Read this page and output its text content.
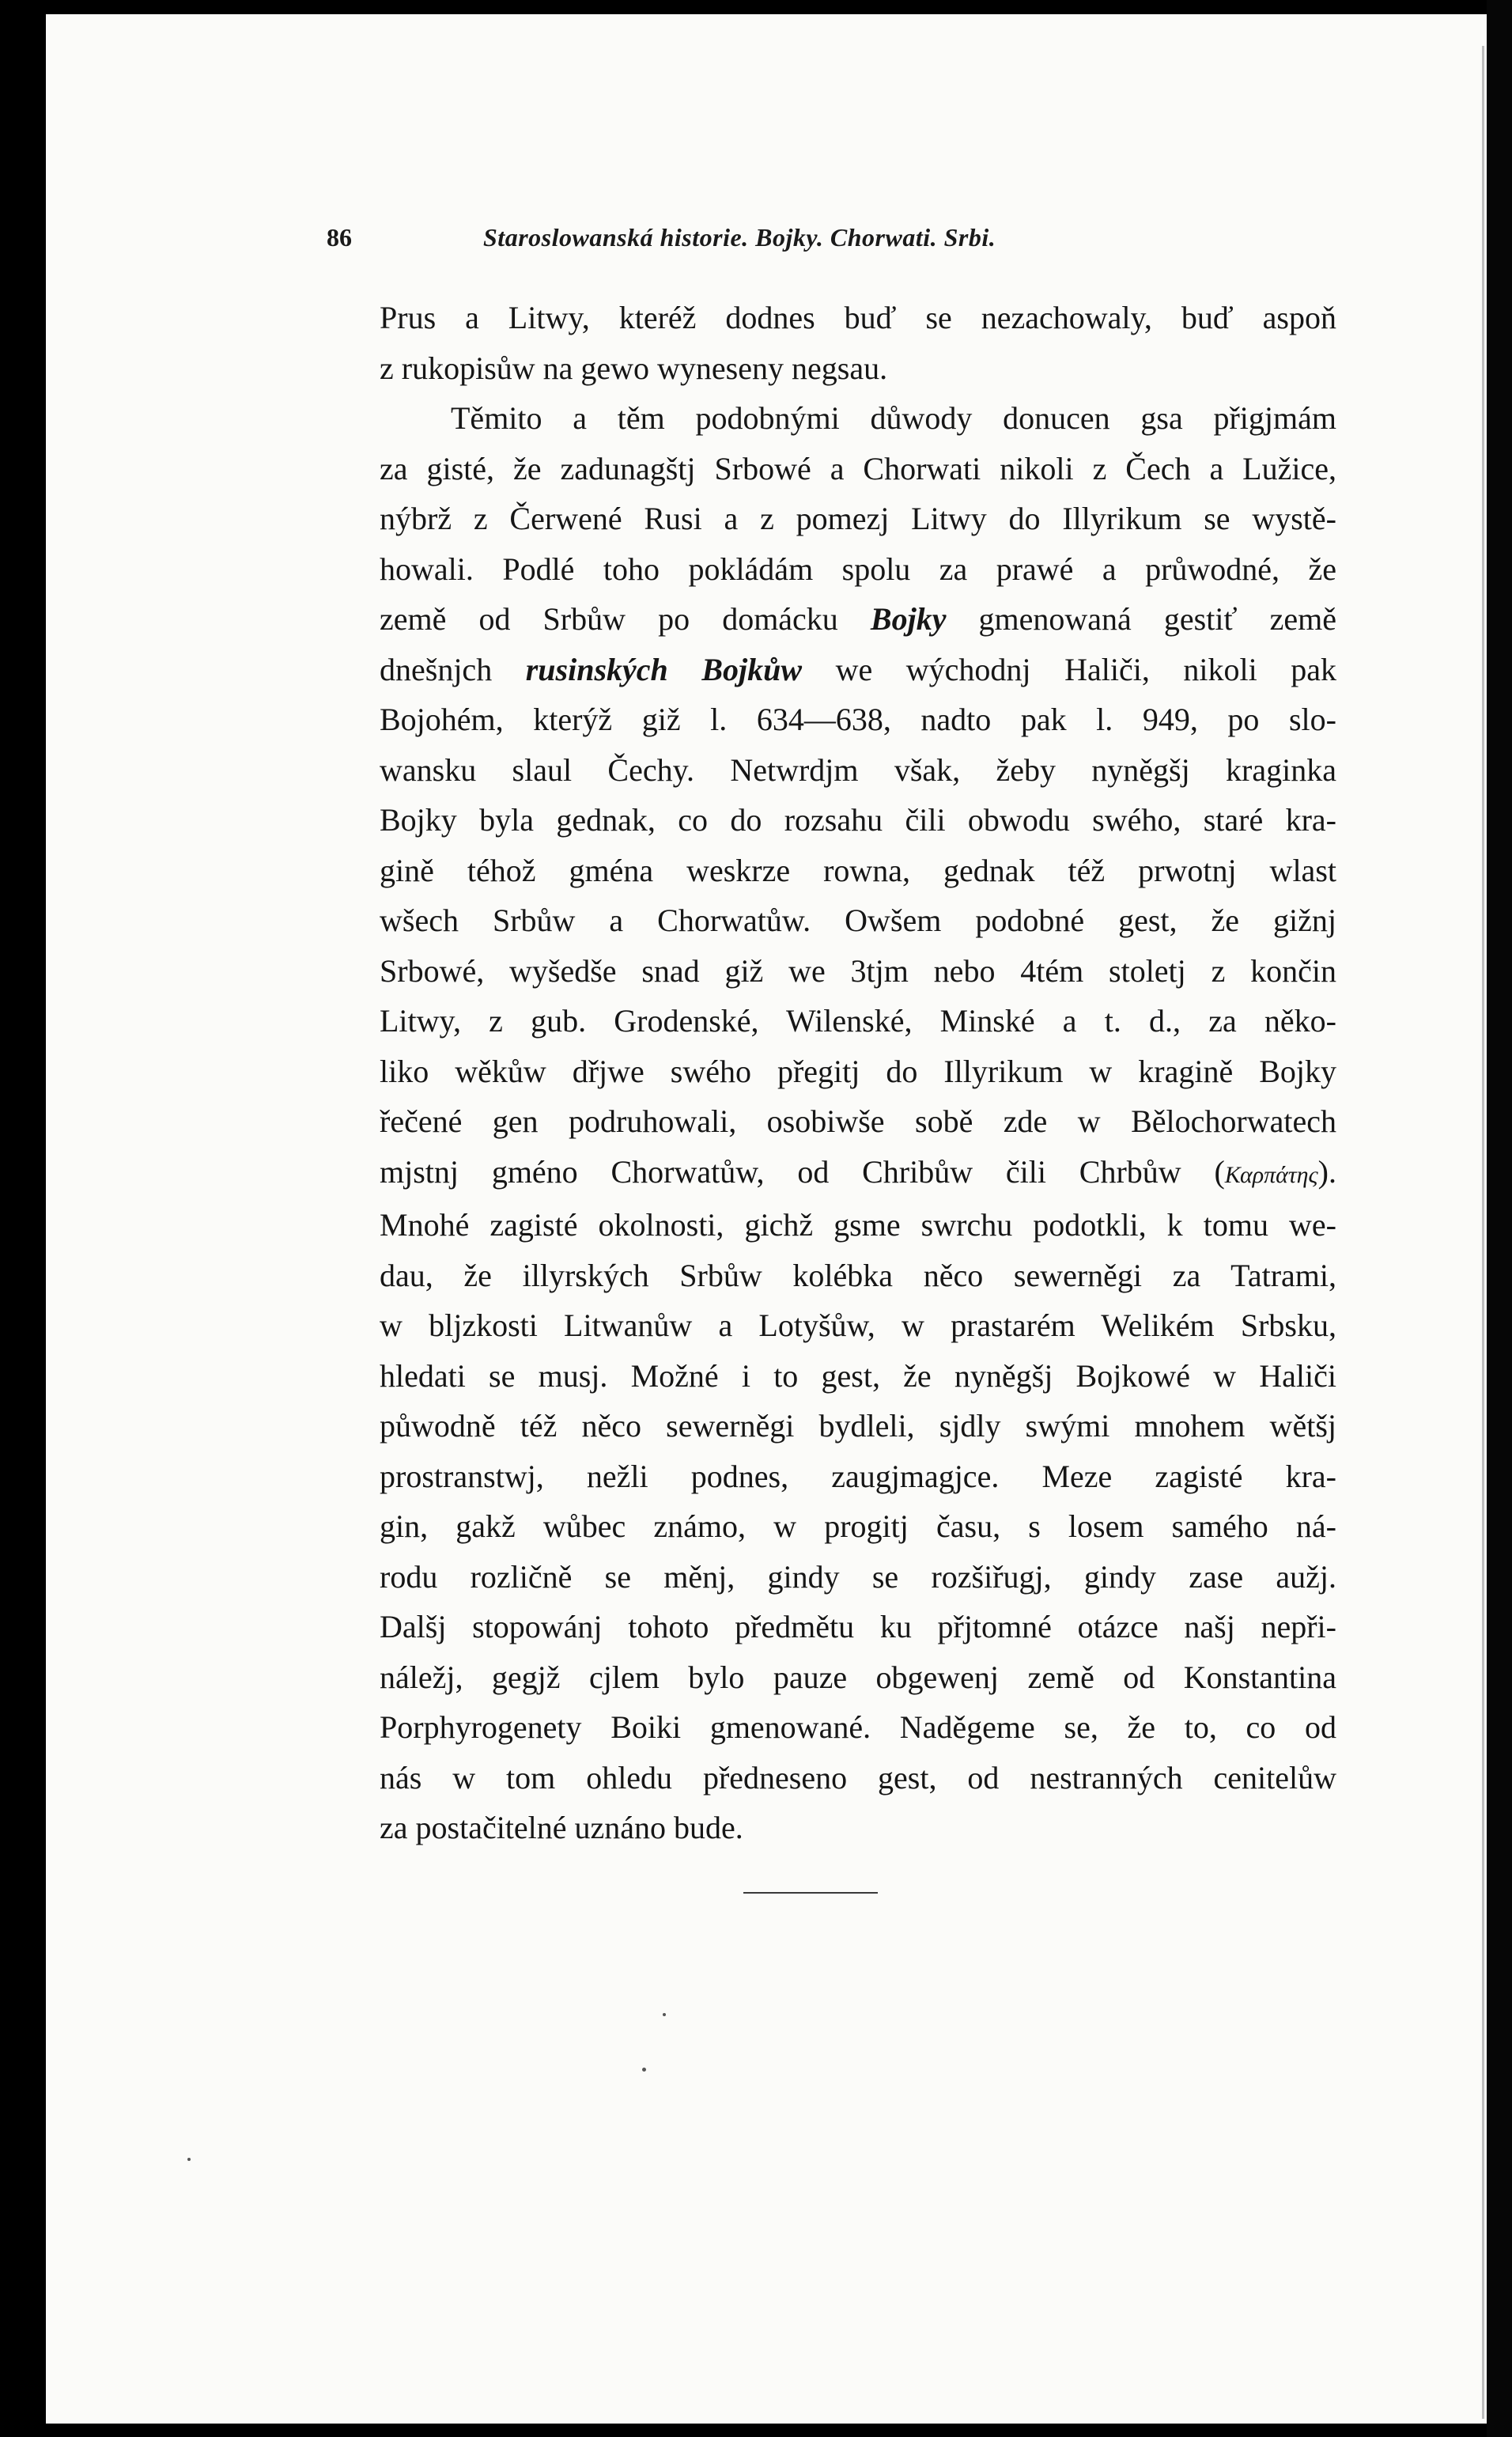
86	Staroslowanská historie. Bojky. Chorwati. Srbi.
Prus a Litwy, kteréž dodnes buď se nezachowaly, buď aspoň
z rukopisůw na gewo wyneseny negsau.
Těmito a těm podobnými důwody donucen gsa přigjmám
za gisté, že zadunagštj Srbowé a Chorwati nikoli z Čech a Lužice,
nýbrž z Čerwené Rusi a z pomezj Litwy do Illyrikum se wystě-
howali. Podlé toho pokládám spolu za prawé a průwodné, že
země od Srbůw po domácku Bojky gmenowaná gestiť země
dnešnjch rusinských Bojkůw we wýchodnj Haliči, nikoli pak
Bojohém, kterýž giž l. 634—638, nadto pak l. 949, po slo-
wansku slaul Čechy. Netwrdjm však, žeby nyněgšj kraginka
Bojky byla gednak, co do rozsahu čili obwodu swého, staré kra-
gině téhož gména weskrze rowna, gednak též prwotnj wlast
wšech Srbůw a Chorwatůw. Owšem podobné gest, že gižnj
Srbowé, wyšedše snad giž we 3tjm nebo 4tém stoletj z končin
Litwy, z gub. Grodenské, Wilenské, Minské a t. d., za něko-
liko wěkůw dřjwe swého přegitj do Illyrikum w kragině Bojky
řečené gen podruhowali, osobiwše sobě zde w Bělochorwatech
mjstnj gméno Chorwatůw, od Chribůw čili Chrbůw (Καρπάτης).
Mnohé zagisté okolnosti, gichž gsme swrchu podotkli, k tomu we-
dau, že illyrských Srbůw kolébka něco sewerněgi za Tatrami,
w bljzkosti Litwanůw a Lotyšůw, w prastarém Welikém Srbsku,
hledati se musj. Možné i to gest, že nyněgšj Bojkowé w Haliči
půwodně též něco sewerněgi bydleli, sjdly swými mnohem wětšj
prostranstwj, nežli podnes, zaugjmagjce. Meze zagisté kra-
gin, gakž wůbec známo, w progitj času, s losem samého ná-
rodu rozličně se měnj, gindy se rozšiřugj, gindy zase aužj.
Dalšj stopowánj tohoto předmětu ku přjtomné otázce našj nepři-
náležj, gegjž cjlem bylo pauze obgewenj země od Konstantina
Porphyrogenety Boiki gmenowané. Naděgeme se, že to, co od
nás w tom ohledu předneseno gest, od nestranných cenitelůw
za postačitelné uznáno bude.
